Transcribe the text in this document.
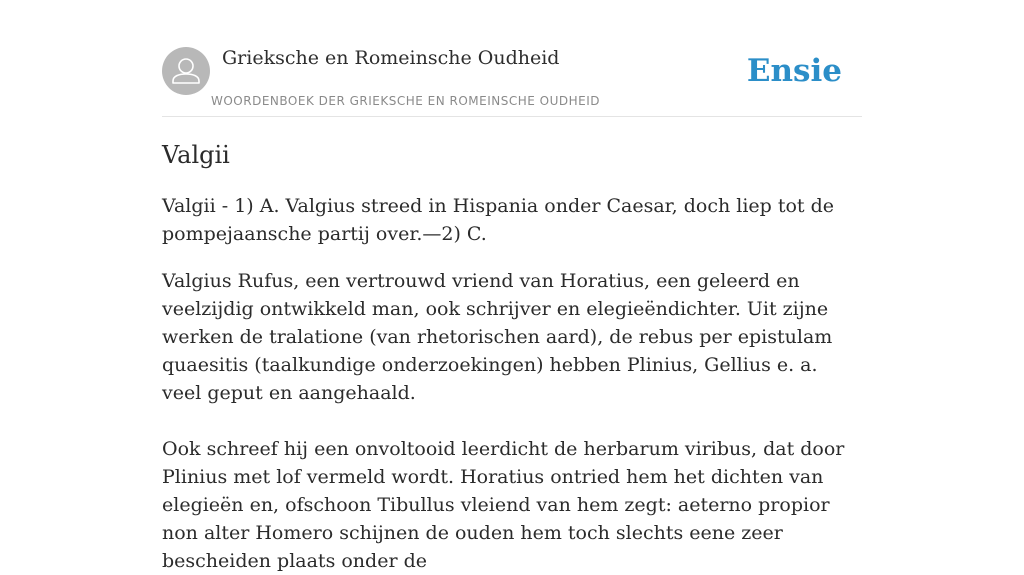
Grieksche en Romeinsche Oudheid
WOORDENBOEK DER GRIEKSCHE EN ROMEINSCHE OUDHEID
Ensie
Valgii

Valgii - 1) A. Valgius streed in Hispania onder Caesar, doch liep tot de pompejaansche partij over.—2) C.

Valgius Rufus, een vertrouwd vriend van Horatius, een geleerd en veelzijdig ontwikkeld man, ook schrijver en elegieëndichter. Uit zijne werken de tralatione (van rhetorischen aard), de rebus per epistulam quaesitis (taalkundige onderzoekingen) hebben Plinius, Gellius e. a. veel geput en aangehaald.

Ook schreef hij een onvoltooid leerdicht de herbarum viribus, dat door Plinius met lof vermeld wordt. Horatius ontried hem het dichten van elegieën en, ofschoon Tibullus vleiend van hem zegt: aeterno propior non alter Homero schijnen de ouden hem toch slechts eene zeer bescheiden plaats onder de
